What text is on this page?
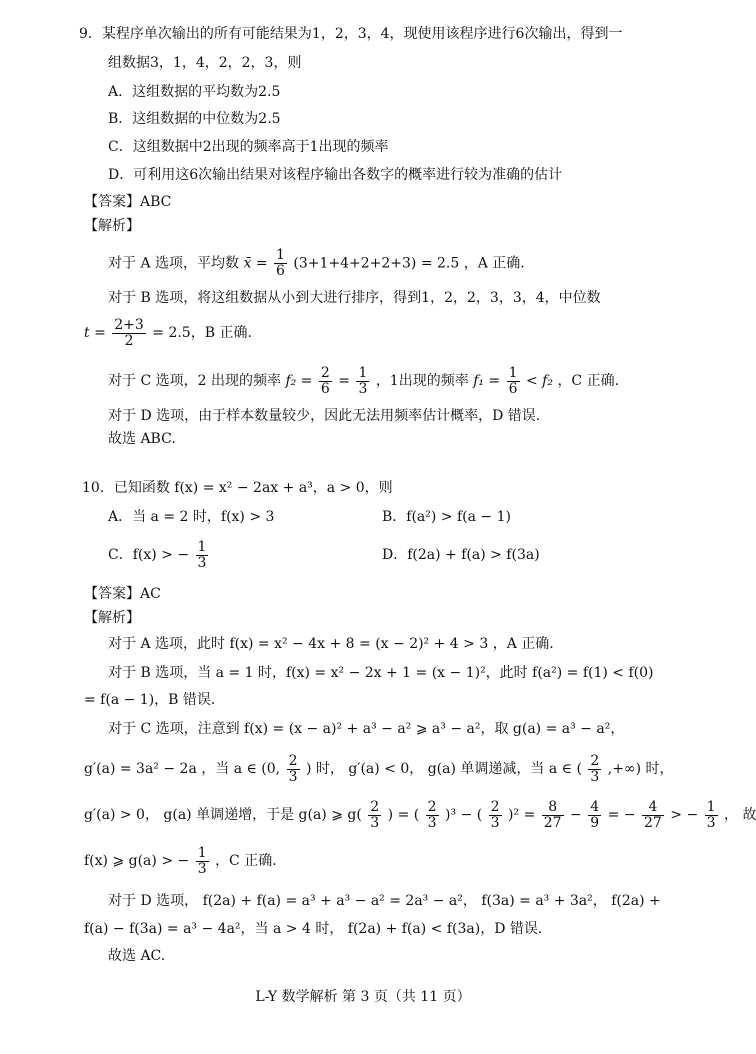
9．某程序单次输出的所有可能结果为1，2，3，4，现使用该程序进行6次输出，得到一
组数据3，1，4，2，2，3，则
A．这组数据的平均数为2.5
B．这组数据的中位数为2.5
C．这组数据中2出现的频率高于1出现的频率
D．可利用这6次输出结果对该程序输出各数字的概率进行较为准确的估计
【答案】ABC
【解析】
对于 A 选项，平均数 x̄ = $\frac{1}{6} (3+1+4+2+2+3) = 2.5$ ，A 正确.
对于 B 选项，将这组数据从小到大进行排序，得到1，2，2，3，3，4，中位数
$t = \frac{2+3}{2} = 2.5$，B 正确.
对于 C 选项，2 出现的频率 $f_2 = \frac{2}{6} = \frac{1}{3}$ ，1出现的频率 $f_1 = \frac{1}{6} < f_2$ ，C 正确.
对于 D 选项，由于样本数量较少，因此无法用频率估计概率，D 错误.
故选 ABC.
10．已知函数 f(x) = x² − 2ax + a³，a > 0，则
A．当 a = 2 时，f(x) > 3	B．f(a²) > f(a − 1)
C．f(x) > − $\frac{1}{3}$	D．f(2a) + f(a) > f(3a)
【答案】AC
【解析】
对于 A 选项，此时 f(x) = x² − 4x + 8 = (x − 2)² + 4 > 3 ，A 正确.
对于 B 选项，当 a = 1 时，f(x) = x² − 2x + 1 = (x − 1)²，此时 f(a²) = f(1) < f(0)
= f(a − 1)，B 错误.
对于 C 选项，注意到 f(x) = (x − a)² + a³ − a² ⩾ a³ − a²，取 g(a) = a³ − a²，
g′(a) = 3a² − 2a ，当 a ∈ (0, $\frac{2}{3}$ ) 时， g′(a) < 0， g(a) 单调递减，当 a ∈ ( $\frac{2}{3}$ ,+∞) 时，
g′(a) > 0， g(a) 单调递增，于是 g(a) ⩾ $g( \frac{2}{3}$ ) = ( $\frac{2}{3} )^3$ − ( $\frac{2}{3} )^2 = \frac{8}{27} - \frac{4}{9}$ = − $\frac{4}{27}$ > − $\frac{1}{3}$ ， 故
f(x) ⩾ g(a) > − $\frac{1}{3}$ ，C 正确.
对于 D 选项， f(2a) + f(a) = a³ + a³ − a² = 2a³ − a²， f(3a) = a³ + 3a²， f(2a) +
f(a) − f(3a) = a³ − 4a²，当 a > 4 时， f(2a) + f(a) < f(3a)，D 错误.
故选 AC.
L-Y 数学解析 第 3 页（共 11 页）
